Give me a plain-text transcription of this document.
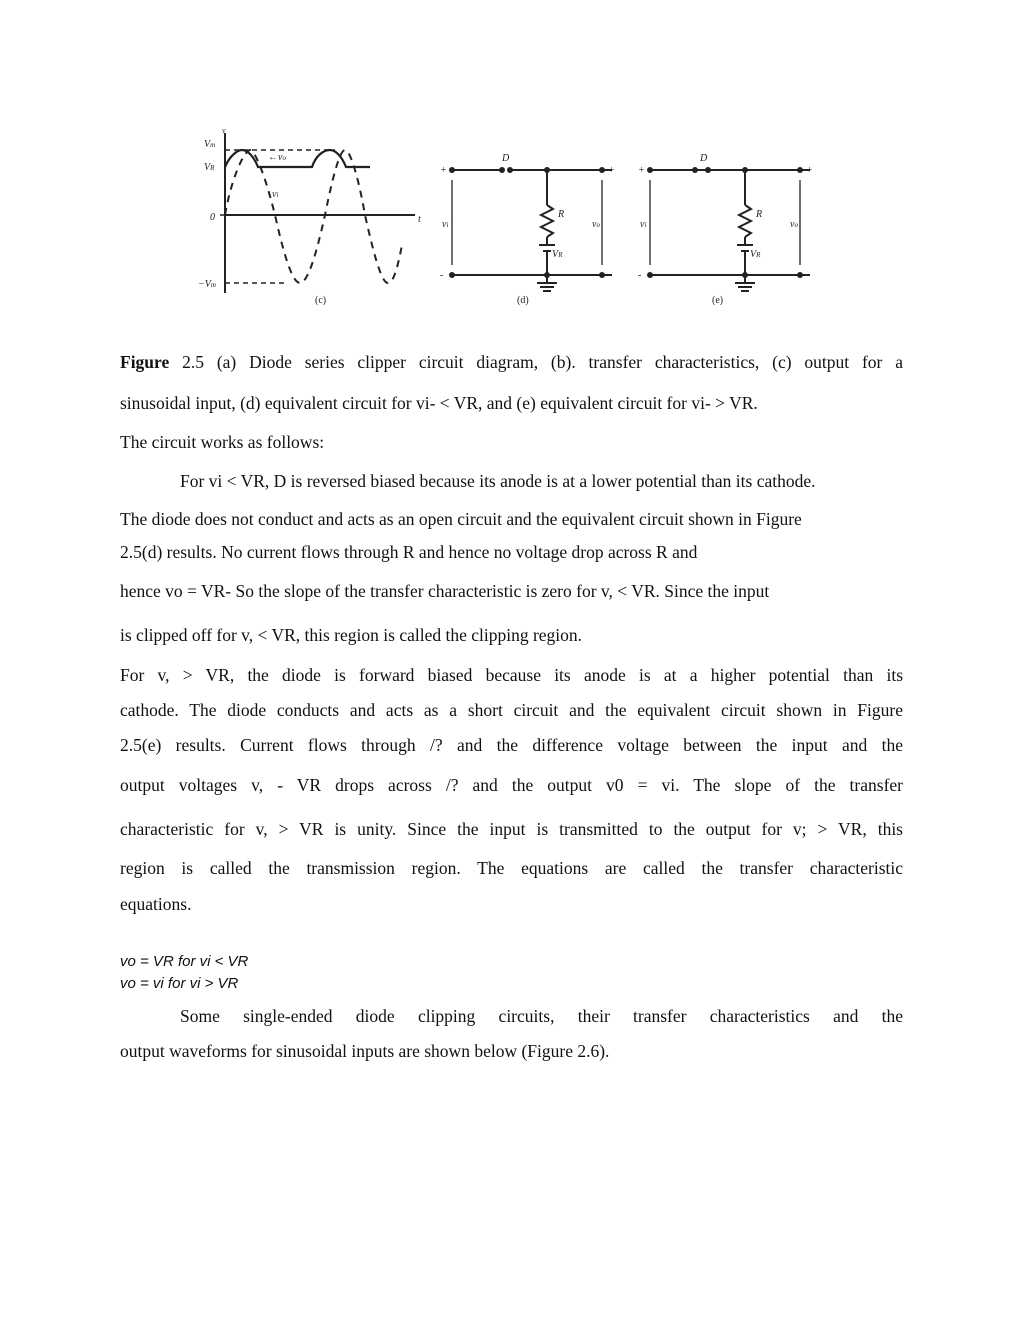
Vm
VR
0
−Vm
t
v
←vo
vi
(c)
D
R
VR
vi	vo
+
-
+
-
(d)
D
R
VR
vi	vo
+
-
+
-
(e)

Figure 2.5 (a) Diode series clipper circuit diagram, (b). transfer characteristics, (c) output for a

sinusoidal input, (d) equivalent circuit for vi- < VR, and (e) equivalent circuit for vi- > VR.

The circuit works as follows:

For vi < VR, D is reversed biased because its anode is at a lower potential than its cathode.

The diode does not conduct and acts as an open circuit and the equivalent circuit shown in Figure

2.5(d) results. No current flows through R and hence no voltage drop across R and

hence vo = VR- So the slope of the transfer characteristic is zero for v, < VR. Since the input

is clipped off for v, < VR, this region is called the clipping region.

For v, > VR, the diode is forward biased because its anode is at a higher potential than its

cathode. The diode conducts and acts as a short circuit and the equivalent circuit shown in Figure

2.5(e) results. Current flows through /? and the difference voltage between the input and the

output voltages v, - VR drops across /? and the output v0 = vi. The slope of the transfer

characteristic for v, > VR is unity. Since the input is transmitted to the output for v; > VR, this

region is called the transmission region. The equations are called the transfer characteristic

equations.

vo = VR for vi < VR
vo = vi for vi > VR

Some single-ended diode clipping circuits, their transfer characteristics and the

output waveforms for sinusoidal inputs are shown below (Figure 2.6).
